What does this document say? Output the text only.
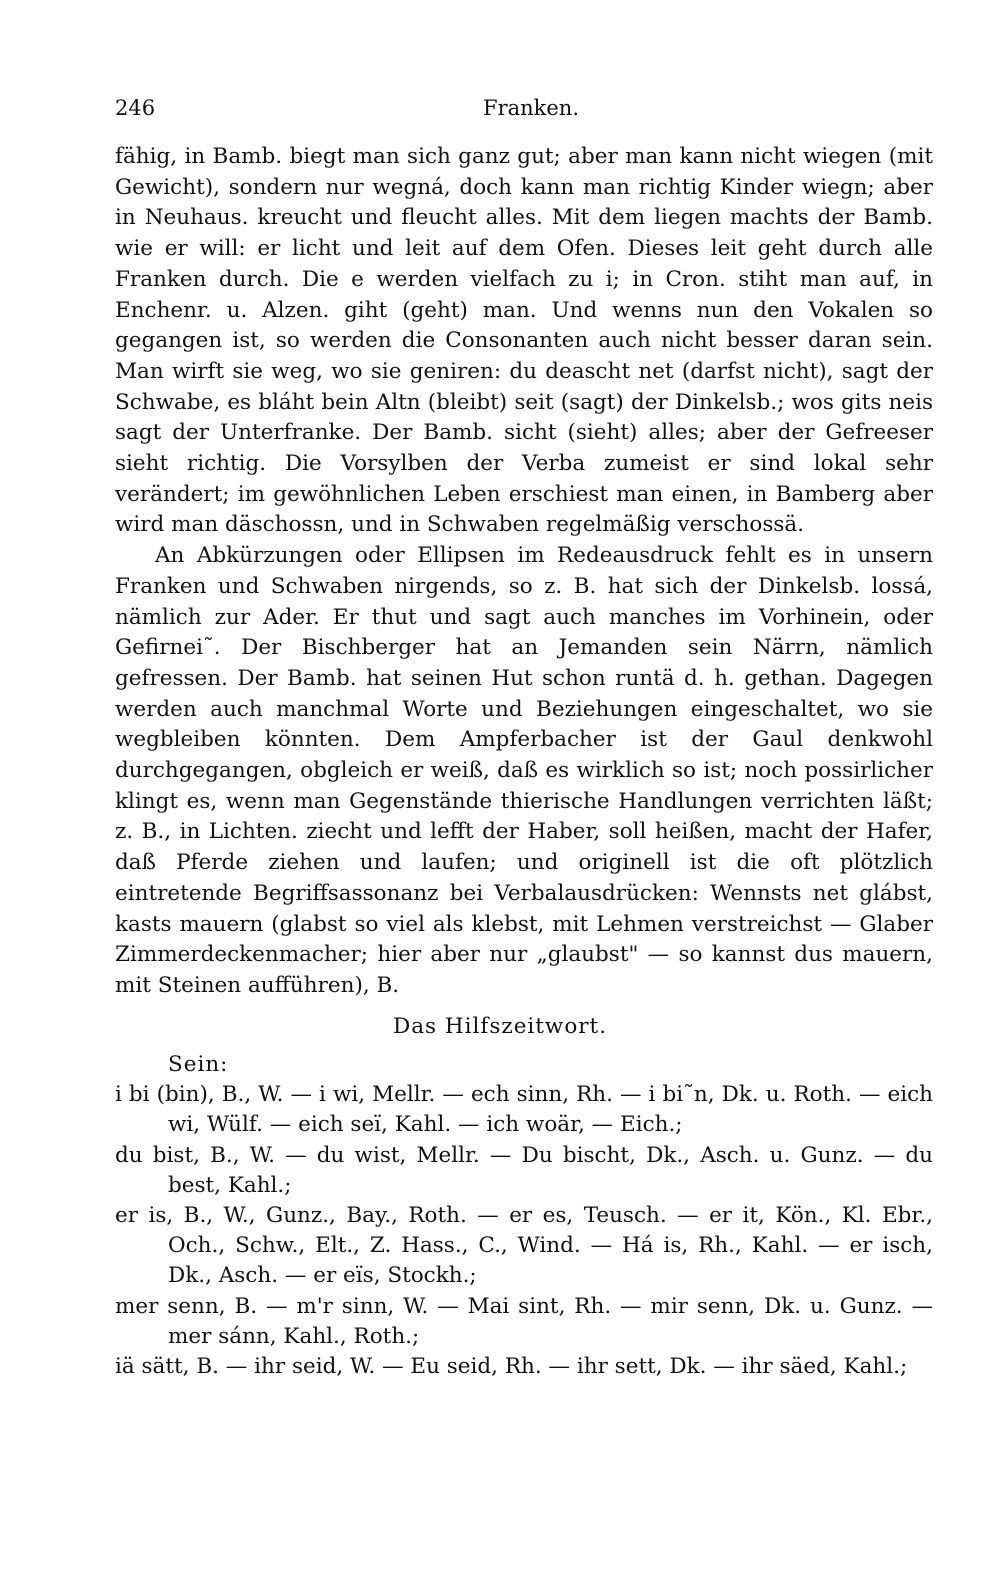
246	Franken.

fähig, in Bamb. biegt man sich ganz gut; aber man kann nicht wiegen (mit Gewicht), sondern nur wegná, doch kann man richtig Kinder wiegn; aber in Neuhaus. kreucht und fleucht alles. Mit dem liegen machts der Bamb. wie er will: er licht und leit auf dem Ofen. Dieses leit geht durch alle Franken durch. Die e werden vielfach zu i; in Cron. stiht man auf, in Enchenr. u. Alzen. giht (geht) man. Und wenns nun den Vokalen so gegangen ist, so werden die Consonanten auch nicht besser daran sein. Man wirft sie weg, wo sie geniren: du deascht net (darfst nicht), sagt der Schwabe, es bláht bein Altn (bleibt) seit (sagt) der Dinkelsb.; wos gits neis sagt der Unterfranke. Der Bamb. sicht (sieht) alles; aber der Gefreeser sieht richtig. Die Vorsylben der Verba zumeist er sind lokal sehr verändert; im gewöhnlichen Leben erschiest man einen, in Bamberg aber wird man däschossn, und in Schwaben regelmäßig verschossä.

An Abkürzungen oder Ellipsen im Redeausdruck fehlt es in unsern Franken und Schwaben nirgends, so z. B. hat sich der Dinkelsb. lossá, nämlich zur Ader. Er thut und sagt auch manches im Vorhinein, oder Gefirnei˜. Der Bischberger hat an Jemanden sein Närrn, nämlich gefressen. Der Bamb. hat seinen Hut schon runtä d. h. gethan. Dagegen werden auch manchmal Worte und Beziehungen eingeschaltet, wo sie wegbleiben könnten. Dem Ampferbacher ist der Gaul denkwohl durchgegangen, obgleich er weiß, daß es wirklich so ist; noch possirlicher klingt es, wenn man Gegenstände thierische Handlungen verrichten läßt; z. B., in Lichten. ziecht und lefft der Haber, soll heißen, macht der Hafer, daß Pferde ziehen und laufen; und originell ist die oft plötzlich eintretende Begriffsassonanz bei Verbalausdrücken: Wennsts net glábst, kasts mauern (glabst so viel als klebst, mit Lehmen verstreichst — Glaber Zimmerdeckenmacher; hier aber nur „glaubst" — so kannst dus mauern, mit Steinen aufführen), B.

Das Hilfszeitwort.
Sein:
i bi (bin), B., W. — i wi, Mellr. — ech sinn, Rh. — i bi˜n, Dk. u. Roth. — eich wi, Wülf. — eich seï, Kahl. — ich woär, — Eich.;
du bist, B., W. — du wist, Mellr. — Du bischt, Dk., Asch. u. Gunz. — du best, Kahl.;
er is, B., W., Gunz., Bay., Roth. — er es, Teusch. — er it, Kön., Kl. Ebr., Och., Schw., Elt., Z. Hass., C., Wind. — Há is, Rh., Kahl. — er isch, Dk., Asch. — er eïs, Stockh.;
mer senn, B. — m'r sinn, W. — Mai sint, Rh. — mir senn, Dk. u. Gunz. — mer sánn, Kahl., Roth.;
iä sätt, B. — ihr seid, W. — Eu seid, Rh. — ihr sett, Dk. — ihr säed, Kahl.;
